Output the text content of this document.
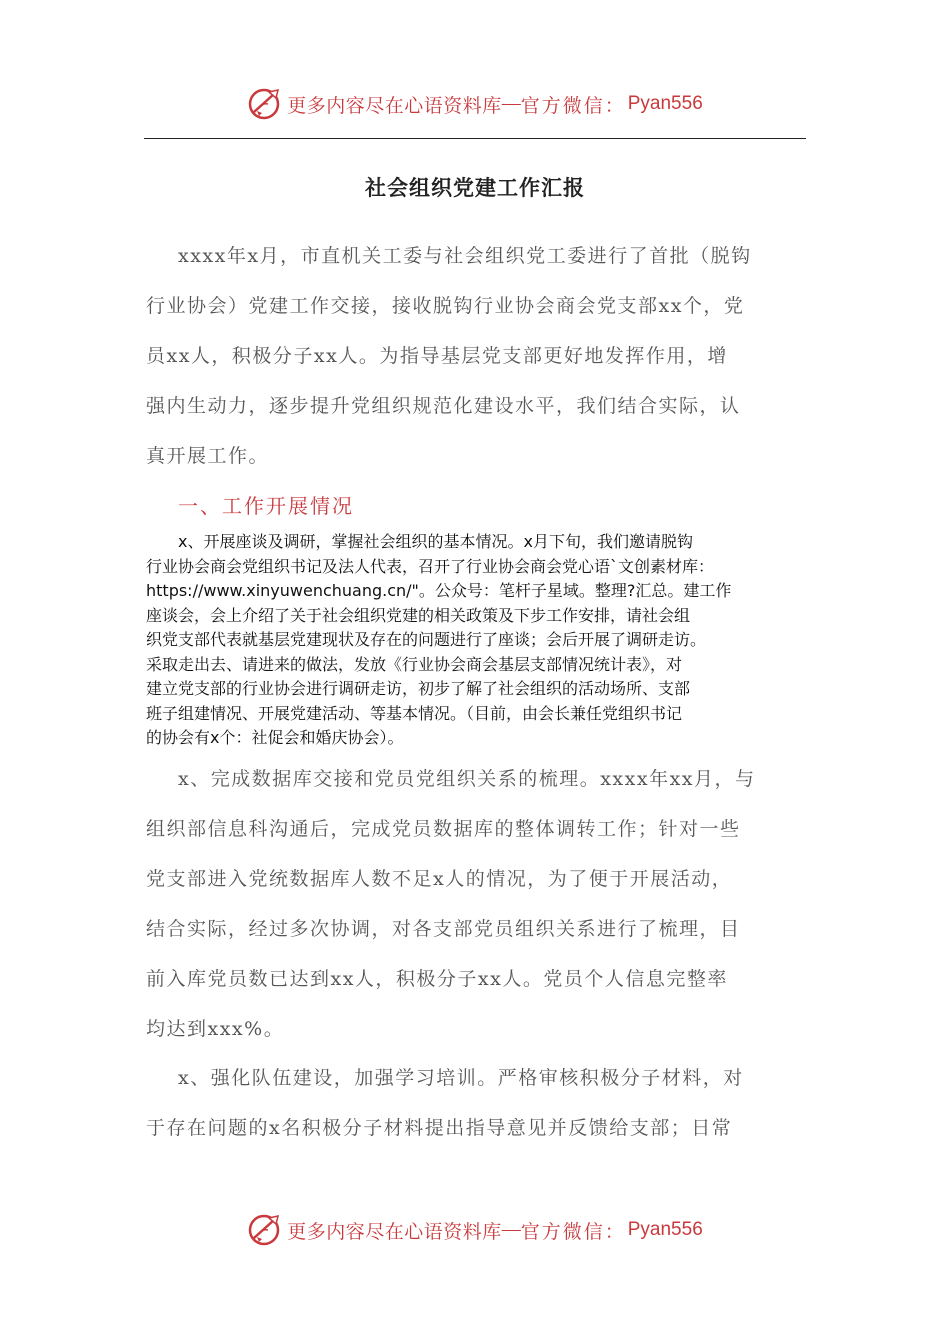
更多内容尽在心语资料库 — 官方微信： Pyan556
社会组织党建工作汇报
xxxx年x月，市直机关工委与社会组织党工委进行了首批（脱钩
行业协会）党建工作交接，接收脱钩行业协会商会党支部xx个，党
员xx人，积极分子xx人。为指导基层党支部更好地发挥作用，增
强内生动力，逐步提升党组织规范化建设水平，我们结合实际，认
真开展工作。
一、工作开展情况
x、开展座谈及调研，掌握社会组织的基本情况。x月下旬，我们邀请脱钩
行业协会商会党组织书记及法人代表，召开了行业协会商会党心语`文创素材库：
https://www.xinyuwenchuang.cn/"。公众号：笔杆子星域。整理?汇总。建工作
座谈会，会上介绍了关于社会组织党建的相关政策及下步工作安排，请社会组
织党支部代表就基层党建现状及存在的问题进行了座谈；会后开展了调研走访。
采取走出去、请进来的做法，发放《行业协会商会基层支部情况统计表》，对
建立党支部的行业协会进行调研走访，初步了解了社会组织的活动场所、支部
班子组建情况、开展党建活动、等基本情况。（目前，由会长兼任党组织书记
的协会有x个：社促会和婚庆协会）。
x、完成数据库交接和党员党组织关系的梳理。xxxx年xx月，与
组织部信息科沟通后，完成党员数据库的整体调转工作；针对一些
党支部进入党统数据库人数不足x人的情况，为了便于开展活动，
结合实际，经过多次协调，对各支部党员组织关系进行了梳理，目
前入库党员数已达到xx人，积极分子xx人。党员个人信息完整率
均达到xxx%。
x、强化队伍建设，加强学习培训。严格审核积极分子材料，对
于存在问题的x名积极分子材料提出指导意见并反馈给支部；日常
更多内容尽在心语资料库 — 官方微信： Pyan556
